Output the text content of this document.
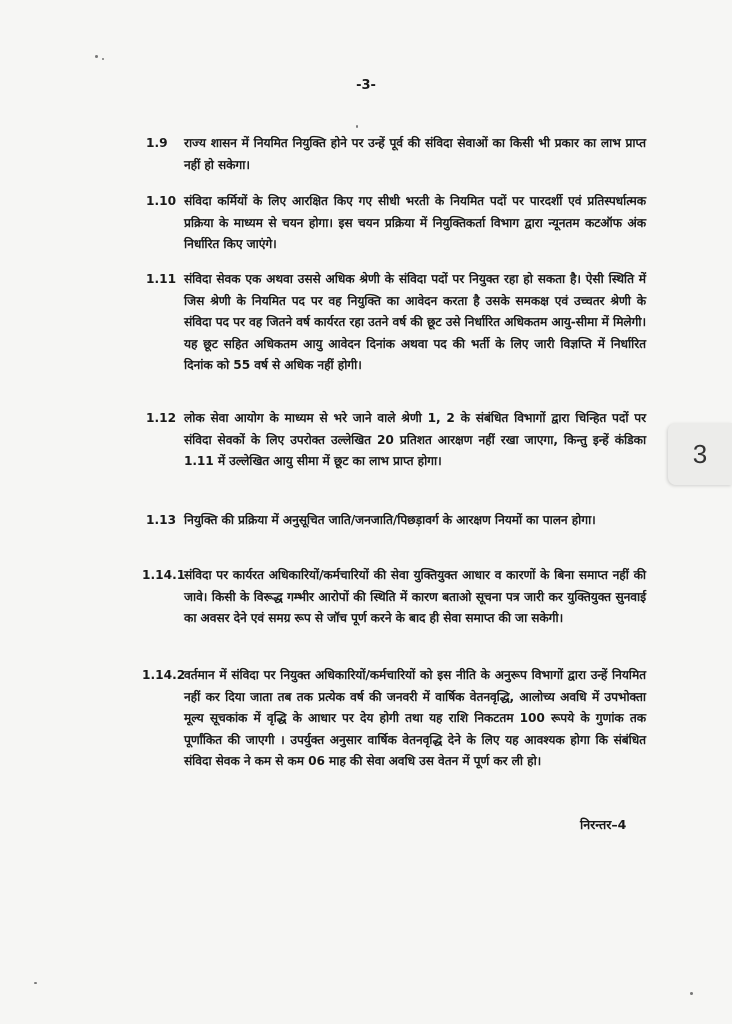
-3-
1.9	राज्य शासन में नियमित नियुक्ति होने पर उन्हें पूर्व की संविदा सेवाओं का किसी भी प्रकार का लाभ प्राप्त नहीं हो सकेगा।
1.10 संविदा कर्मियों के लिए आरक्षित किए गए सीधी भरती के नियमित पदों पर पारदर्शी एवं प्रतिस्पर्धात्मक प्रक्रिया के माध्यम से चयन होगा। इस चयन प्रक्रिया में नियुक्तिकर्ता विभाग द्वारा न्यूनतम कटऑफ अंक निर्धारित किए जाएंगे।
1.11 संविदा सेवक एक अथवा उससे अधिक श्रेणी के संविदा पदों पर नियुक्त रहा हो सकता है। ऐसी स्थिति में जिस श्रेणी के नियमित पद पर वह नियुक्ति का आवेदन करता है उसके समकक्ष एवं उच्चतर श्रेणी के संविदा पद पर वह जितने वर्ष कार्यरत रहा उतने वर्ष की छूट उसे निर्धारित अधिकतम आयु-सीमा में मिलेगी। यह छूट सहित अधिकतम आयु आवेदन दिनांक अथवा पद की भर्ती के लिए जारी विज्ञप्ति में निर्धारित दिनांक को 55 वर्ष से अधिक नहीं होगी।
1.12 लोक सेवा आयोग के माध्यम से भरे जाने वाले श्रेणी 1, 2 के संबंधित विभागों द्वारा चिन्हित पदों पर संविदा सेवकों के लिए उपरोक्त उल्लेखित 20 प्रतिशत आरक्षण नहीं रखा जाएगा, किन्तु इन्हें कंडिका 1.11 में उल्लेखित आयु सीमा में छूट का लाभ प्राप्त होगा।
1.13 नियुक्ति की प्रक्रिया में अनुसूचित जाति/जनजाति/पिछड़ावर्ग के आरक्षण नियमों का पालन होगा।
1.14.1
संविदा पर कार्यरत अधिकारियों/कर्मचारियों की सेवा युक्तियुक्त आधार व कारणों के बिना समाप्त नहीं की जावे। किसी के विरूद्ध गम्भीर आरोपों की स्थिति में कारण बताओ सूचना पत्र जारी कर युक्तियुक्त सुनवाई का अवसर देने एवं समग्र रूप से जॉच पूर्ण करने के बाद ही सेवा समाप्त की जा सकेगी।
1.14.2
वर्तमान में संविदा पर नियुक्त अधिकारियों/कर्मचारियों को इस नीति के अनुरूप विभागों द्वारा उन्हें नियमित नहीं कर दिया जाता तब तक प्रत्येक वर्ष की जनवरी में वार्षिक वेतनवृद्धि, आलोच्य अवधि में उपभोक्ता मूल्य सूचकांक में वृद्धि के आधार पर देय होगी तथा यह राशि निकटतम 100 रूपये के गुणांक तक पूर्णांकित की जाएगी । उपर्युक्त अनुसार वार्षिक वेतनवृद्धि देने के लिए यह आवश्यक होगा कि संबंधित संविदा सेवक ने कम से कम 06 माह की सेवा अवधि उस वेतन में पूर्ण कर ली हो।
निरन्तर–4
3
